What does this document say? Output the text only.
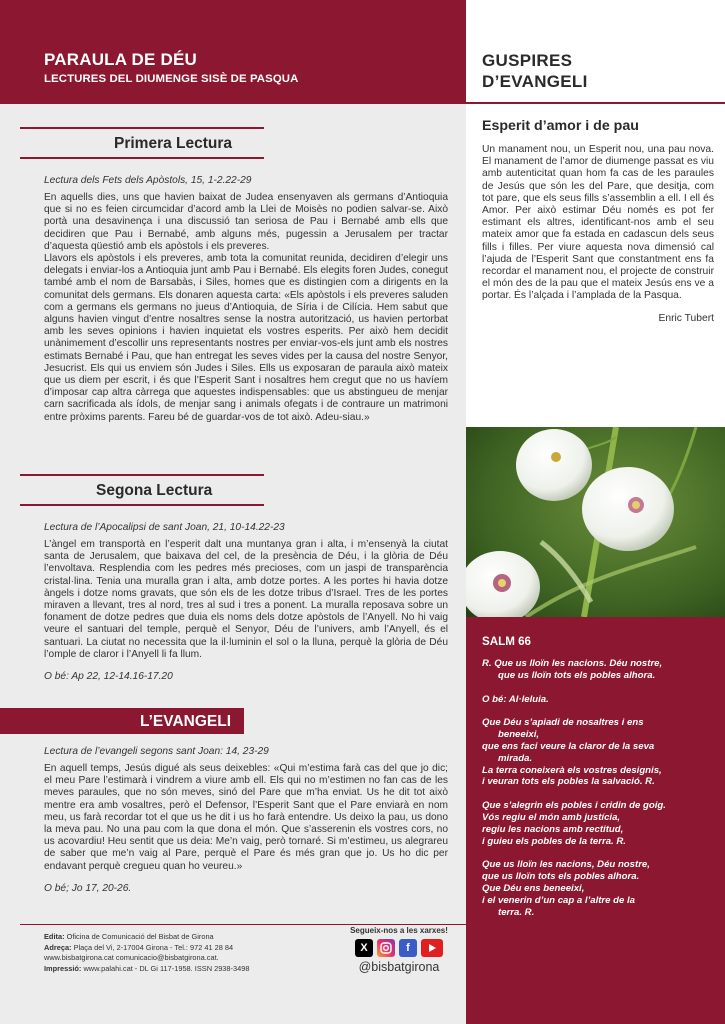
PARAULA DE DÉU
LECTURES DEL DIUMENGE SISÈ DE PASQUA
Primera Lectura
Lectura dels Fets dels Apòstols, 15, 1-2.22-29
En aquells dies, uns que havien baixat de Judea ensenyaven als germans d’Antioquia que si no es feien circumcidar d’acord amb la Llei de Moisès no podien salvar-se. Això portà una desavinença i una discussió tan seriosa de Pau i Bernabé amb ells que decidiren que Pau i Bernabé, amb alguns més, pugessin a Jerusalem per tractar d’aquesta qüestió amb els apòstols i els preveres.
Llavors els apòstols i els preveres, amb tota la comunitat reunida, decidiren d’elegir uns delegats i enviar-los a Antioquia junt amb Pau i Bernabé. Els elegits foren Judes, conegut també amb el nom de Barsabàs, i Siles, homes que es distingien com a dirigents en la comunitat dels germans. Els donaren aquesta carta: «Els apòstols i els preveres saluden com a germans els germans no jueus d’Antioquia, de Síria i de Cilícia. Hem sabut que alguns havien vingut d’entre nosaltres sense la nostra autorització, us havien pertorbat amb les seves opinions i havien inquietat els vostres esperits. Per això hem decidit unànimement d’escollir uns representants nostres per enviar-vos-els junt amb els nostres estimats Bernabé i Pau, que han entregat les seves vides per la causa del nostre Senyor, Jesucrist. Els qui us enviem són Judes i Siles. Ells us exposaran de paraula això mateix que us diem per escrit, i és que l’Esperit Sant i nosaltres hem cregut que no us havíem d’imposar cap altra càrrega que aquestes indispensables: que us abstingueu de menjar carn sacrificada als ídols, de menjar sang i animals ofegats i de contraure un matrimoni entre pròxims parents. Fareu bé de guardar-vos de tot això. Adeu-siau.»
Segona Lectura
Lectura de l’Apocalipsi de sant Joan, 21, 10-14.22-23
L’àngel em transportà en l’esperit dalt una muntanya gran i alta, i m’ensenyà la ciutat santa de Jerusalem, que baixava del cel, de la presència de Déu, i la glòria de Déu l’envoltava. Resplendia com les pedres més precioses, com un jaspi de transparència cristal·lina. Tenia una muralla gran i alta, amb dotze portes. A les portes hi havia dotze àngels i dotze noms gravats, que són els de les dotze tribus d’Israel. Tres de les portes miraven a llevant, tres al nord, tres al sud i tres a ponent. La muralla reposava sobre un fonament de dotze pedres que duia els noms dels dotze apòstols de l’Anyell. No hi vaig veure el santuari del temple, perquè el Senyor, Déu de l’univers, amb l’Anyell, és el santuari. La ciutat no necessita que la il·luminin el sol o la lluna, perquè la glòria de Déu l’omple de claror i l’Anyell li fa llum.
O bé: Ap 22, 12-14.16-17.20
L’EVANGELI
Lectura de l’evangeli segons sant Joan: 14, 23-29
En aquell temps, Jesús digué als seus deixebles: «Qui m’estima farà cas del que jo dic; el meu Pare l’estimarà i vindrem a viure amb ell. Els qui no m’estimen no fan cas de les meves paraules, que no són meves, sinó del Pare que m’ha enviat. Us he dit tot això mentre era amb vosaltres, però el Defensor, l’Esperit Sant que el Pare enviarà en nom meu, us farà recordar tot el que us he dit i us ho farà entendre. Us deixo la pau, us dono la meva pau. No una pau com la que dona el món. Que s’asserenin els vostres cors, no us acovardiu! Heu sentit que us deia: Me’n vaig, però tornaré. Si m’estimeu, us alegrareu de saber que me’n vaig al Pare, perquè el Pare és més gran que jo. Us ho dic per endavant perquè cregueu quan ho veureu.»
O bé; Jo 17, 20-26.
Edita: Oficina de Comunicació del Bisbat de Girona
Adreça: Plaça del Vi, 2-17004 Girona - Tel.: 972 41 28 84
www.bisbatgirona.cat comunicacio@bisbatgirona.cat.
Impressió: www.palahi.cat - DL Gi 117-1958. ISSN 2938-3498
Segueix-nos a les xarxes!
X	f
@bisbatgirona
GUSPIRES
D’EVANGELI
Esperit d’amor i de pau
Un manament nou, un Esperit nou, una pau nova. El manament de l’amor de diumenge passat es viu amb autenticitat quan hom fa cas de les paraules de Jesús que són les del Pare, que desitja, com tot pare, que els seus fills s’assemblin a ell. I ell és Amor. Per això estimar Déu només es pot fer estimant els altres, identificant-nos amb el seu mateix amor que fa estada en cadascun dels seus fills i filles. Per viure aquesta nova dimensió cal l’ajuda de l’Esperit Sant que constantment ens fa recordar el manament nou, el projecte de construir el món des de la pau que el mateix Jesús ens ve a portar. És l’alçada i l’amplada de la Pasqua.
Enric Tubert
SALM 66
R. Que us lloïn les nacions. Déu nostre,
que us lloïn tots els pobles alhora.
O bé: Al·leluia.
Que Déu s’apiadi de nosaltres i ens
beneeixi,
que ens faci veure la claror de la seva
mirada.
La terra coneixerà els vostres designis,
i veuran tots els pobles la salvació. R.
Que s’alegrin els pobles i cridin de goig.
Vós regiu el món amb justícia,
regiu les nacions amb rectitud,
i guieu els pobles de la terra. R.
Que us lloïn les nacions, Déu nostre,
que us lloïn tots els pobles alhora.
Que Déu ens beneeixi,
i el venerin d’un cap a l’altre de la
terra. R.
